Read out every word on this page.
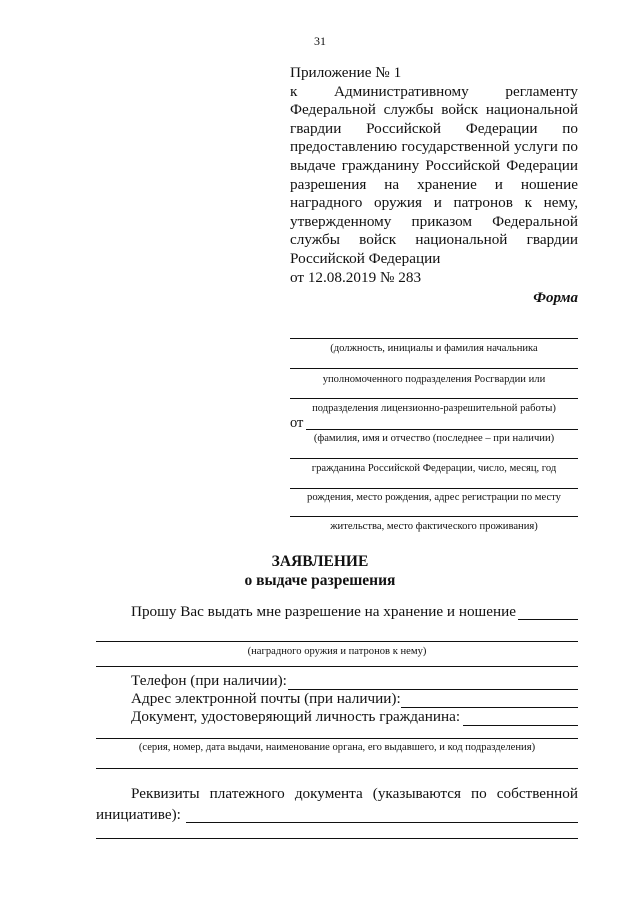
31
Приложение № 1
к Административному регламенту
Федеральной службы войск национальной
гвардии Российской Федерации по
предоставлению государственной услуги по
выдаче гражданину Российской Федерации
разрешения на хранение и ношение
наградного оружия и патронов к нему,
утвержденному приказом Федеральной
службы войск национальной гвардии
Российской Федерации
от 12.08.2019 № 283
Форма
(должность, инициалы и фамилия начальника
уполномоченного подразделения Росгвардии или
подразделения лицензионно-разрешительной работы)
от
(фамилия, имя и отчество (последнее – при наличии)
гражданина Российской Федерации, число, месяц, год
рождения, место рождения, адрес регистрации по месту
жительства, место фактического проживания)
ЗАЯВЛЕНИЕ
о выдаче разрешения
Прошу Вас выдать мне разрешение на хранение и ношение
(наградного оружия и патронов к нему)
Телефон (при наличии):
Адрес электронной почты (при наличии):
Документ, удостоверяющий личность гражданина:
(серия, номер, дата выдачи, наименование органа, его выдавшего, и код подразделения)
Реквизиты платежного документа (указываются по собственной
инициативе):
